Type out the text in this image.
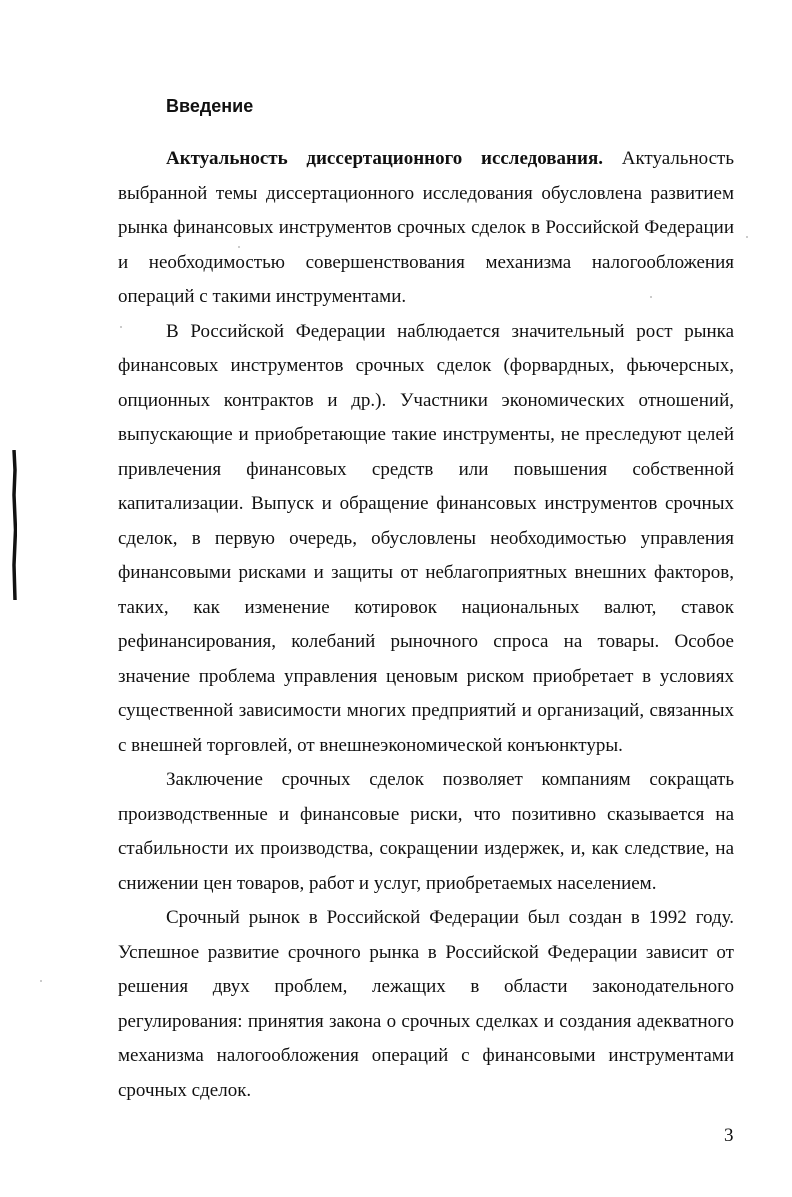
Введение

Актуальность диссертационного исследования. Актуальность выбранной темы диссертационного исследования обусловлена развитием рынка финансовых инструментов срочных сделок в Российской Федерации и необходимостью совершенствования механизма налогообложения операций с такими инструментами.

В Российской Федерации наблюдается значительный рост рынка финансовых инструментов срочных сделок (форвардных, фьючерсных, опционных контрактов и др.). Участники экономических отношений, выпускающие и приобретающие такие инструменты, не преследуют целей привлечения финансовых средств или повышения собственной капитализации. Выпуск и обращение финансовых инструментов срочных сделок, в первую очередь, обусловлены необходимостью управления финансовыми рисками и защиты от неблагоприятных внешних факторов, таких, как изменение котировок национальных валют, ставок рефинансирования, колебаний рыночного спроса на товары. Особое значение проблема управления ценовым риском приобретает в условиях существенной зависимости многих предприятий и организаций, связанных с внешней торговлей, от внешнеэкономической конъюнктуры.

Заключение срочных сделок позволяет компаниям сокращать производственные и финансовые риски, что позитивно сказывается на стабильности их производства, сокращении издержек, и, как следствие, на снижении цен товаров, работ и услуг, приобретаемых населением.

Срочный рынок в Российской Федерации был создан в 1992 году. Успешное развитие срочного рынка в Российской Федерации зависит от решения двух проблем, лежащих в области законодательного регулирования: принятия закона о срочных сделках и создания адекватного механизма налогообложения операций с финансовыми инструментами срочных сделок.

3
